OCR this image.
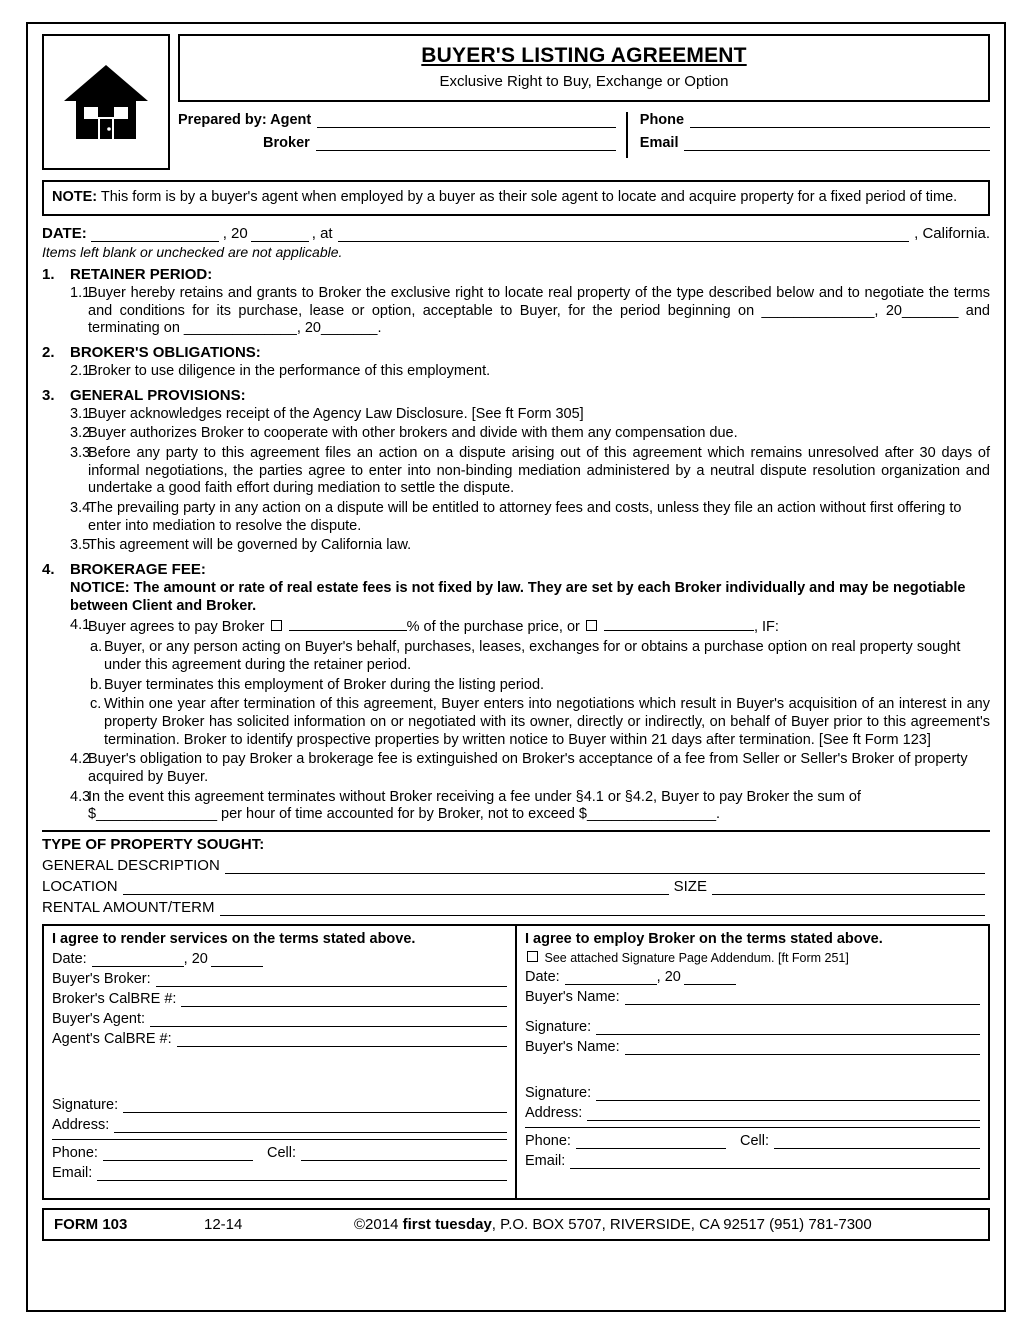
BUYER'S LISTING AGREEMENT
Exclusive Right to Buy, Exchange or Option
Prepared by: Agent
Broker
Phone
Email
NOTE: This form is by a buyer's agent when employed by a buyer as their sole agent to locate and acquire property for a fixed period of time.
DATE:	, 20	, at	, California.
Items left blank or unchecked are not applicable.
1.	RETAINER PERIOD:
1.1
Buyer hereby retains and grants to Broker the exclusive right to locate real property of the type described below and to negotiate the terms and conditions for its purchase, lease or option, acceptable to Buyer, for the period beginning on ______________, 20_______ and terminating on ______________, 20_______.
2.	BROKER'S OBLIGATIONS:
2.1
Broker to use diligence in the performance of this employment.
3.	GENERAL PROVISIONS:
3.1
Buyer acknowledges receipt of the Agency Law Disclosure. [See ft Form 305]
3.2
Buyer authorizes Broker to cooperate with other brokers and divide with them any compensation due.
3.3
Before any party to this agreement files an action on a dispute arising out of this agreement which remains unresolved after 30 days of informal negotiations, the parties agree to enter into non-binding mediation administered by a neutral dispute resolution organization and undertake a good faith effort during mediation to settle the dispute.
3.4
The prevailing party in any action on a dispute will be entitled to attorney fees and costs, unless they file an action without first offering to enter into mediation to resolve the dispute.
3.5
This agreement will be governed by California law.
4.	BROKERAGE FEE:
NOTICE: The amount or rate of real estate fees is not fixed by law. They are set by each Broker individually and may be negotiable between Client and Broker.
4.1
Buyer agrees to pay Broker	% of the purchase price, or	, IF:
a. Buyer, or any person acting on Buyer's behalf, purchases, leases, exchanges for or obtains a purchase option on real property sought under this agreement during the retainer period.
b. Buyer terminates this employment of Broker during the listing period.
c. Within one year after termination of this agreement, Buyer enters into negotiations which result in Buyer's acquisition of an interest in any property Broker has solicited information on or negotiated with its owner, directly or indirectly, on behalf of Buyer prior to this agreement's termination. Broker to identify prospective properties by written notice to Buyer within 21 days after termination. [See ft Form 123]
4.2
Buyer's obligation to pay Broker a brokerage fee is extinguished on Broker's acceptance of a fee from Seller or Seller's Broker of property acquired by Buyer.
4.3
In the event this agreement terminates without Broker receiving a fee under §4.1 or §4.2, Buyer to pay Broker the sum of $_______________ per hour of time accounted for by Broker, not to exceed $________________.
TYPE OF PROPERTY SOUGHT:
GENERAL DESCRIPTION
LOCATION	SIZE
RENTAL AMOUNT/TERM
I agree to render services on the terms stated above.
Date:	, 20
Buyer's Broker:
Broker's CalBRE #:
Buyer's Agent:
Agent's CalBRE #:
Signature:
Address:
Phone:	Cell:
Email:
I agree to employ Broker on the terms stated above.
See attached Signature Page Addendum. [ft Form 251]
Date:	, 20
Buyer's Name:
Signature:
Buyer's Name:
Signature:
Address:
Phone:	Cell:
Email:
FORM 103	12-14	©2014 first tuesday, P.O. BOX 5707, RIVERSIDE, CA 92517 (951) 781-7300
